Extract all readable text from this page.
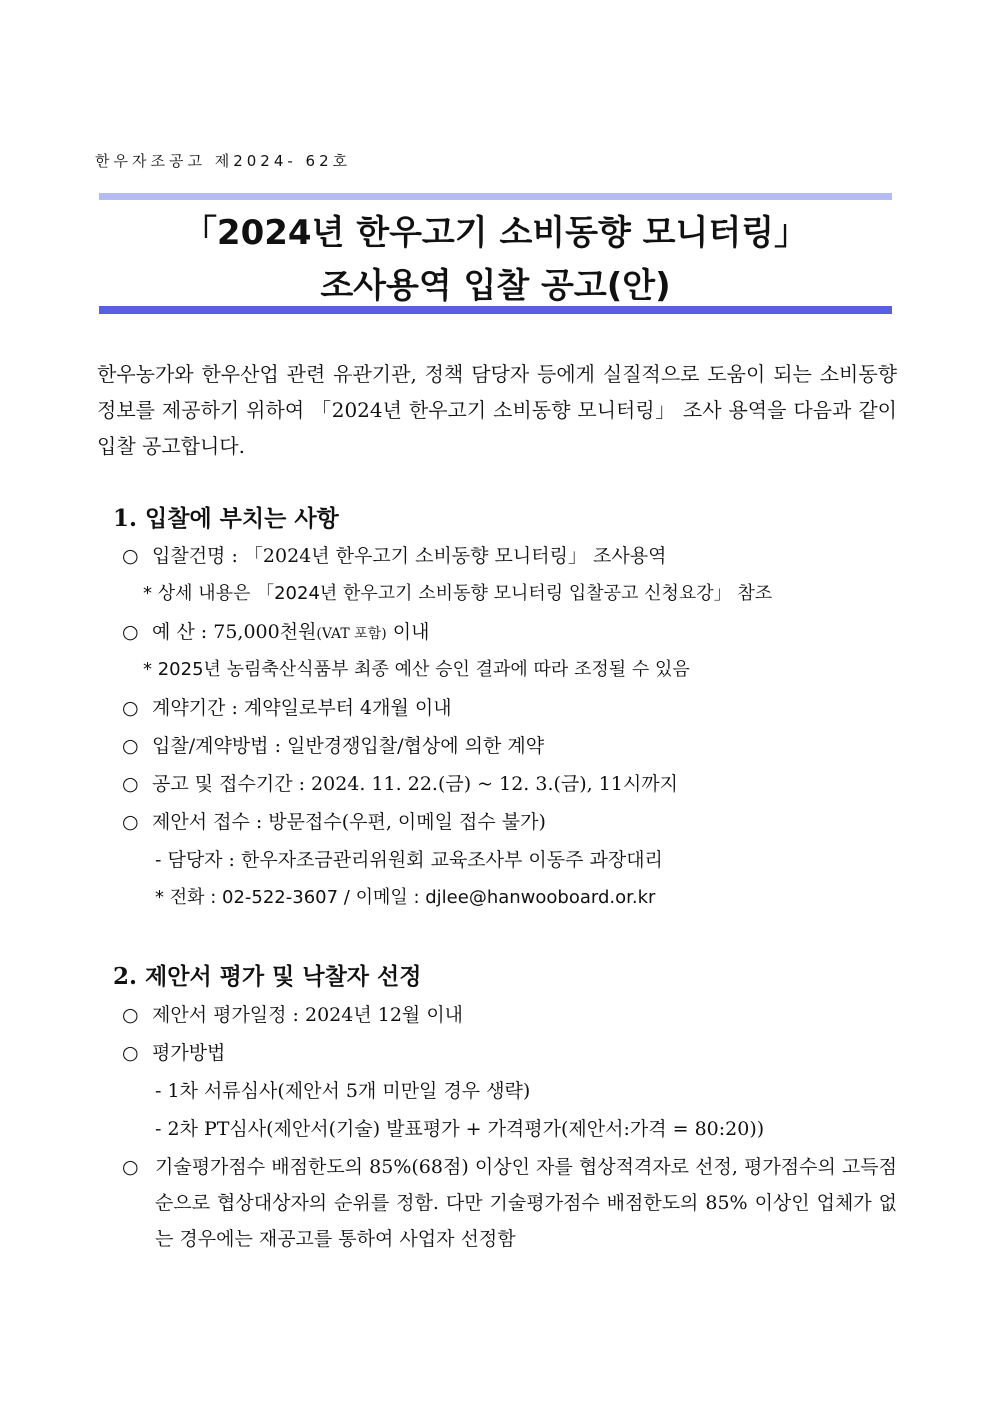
한우자조공고 제2024- 62호
「2024년 한우고기 소비동향 모니터링」
조사용역 입찰 공고(안)
한우농가와 한우산업 관련 유관기관, 정책 담당자 등에게 실질적으로 도움이 되는 소비동향 정보를 제공하기 위하여 「2024년 한우고기 소비동향 모니터링」 조사 용역을 다음과 같이 입찰 공고합니다.
1. 입찰에 부치는 사항
○ 입찰건명 : 「2024년 한우고기 소비동향 모니터링」 조사용역
* 상세 내용은 「2024년 한우고기 소비동향 모니터링 입찰공고 신청요강」 참조
○ 예 산 : 75,000천원(VAT 포함) 이내
* 2025년 농림축산식품부 최종 예산 승인 결과에 따라 조정될 수 있음
○ 계약기간 : 계약일로부터 4개월 이내
○ 입찰/계약방법 : 일반경쟁입찰/협상에 의한 계약
○ 공고 및 접수기간 : 2024. 11. 22.(금) ~ 12. 3.(금), 11시까지
○ 제안서 접수 : 방문접수(우편, 이메일 접수 불가)
- 담당자 : 한우자조금관리위원회 교육조사부 이동주 과장대리
* 전화 : 02-522-3607 / 이메일 : djlee@hanwooboard.or.kr
2. 제안서 평가 및 낙찰자 선정
○ 제안서 평가일정 : 2024년 12월 이내
○ 평가방법
- 1차 서류심사(제안서 5개 미만일 경우 생략)
- 2차 PT심사(제안서(기술) 발표평가 + 가격평가(제안서:가격 = 80:20))
○ 기술평가점수 배점한도의 85%(68점) 이상인 자를 협상적격자로 선정, 평가점수의 고득점 순으로 협상대상자의 순위를 정함. 다만 기술평가점수 배점한도의 85% 이상인 업체가 없는 경우에는 재공고를 통하여 사업자 선정함
